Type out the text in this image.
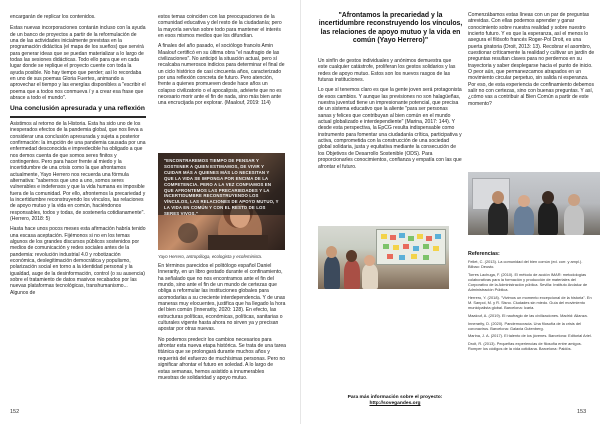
encargarán de replicar los contenidos.

Estas nuevas incorporaciones contarán incluso con la ayuda de un banco de proyectos a partir de la reformulación de una de las actividades inicialmente previstas en la programación didáctica (el mapa de los sueños) que servirá para generar ideas que se puedan materializar a lo largo de todas las sesiones didácticas. Todo ello para que en cada lugar donde se replique el proyecto cuente con toda la ayuda posible. No hay tiempo que perder; así lo recordaba en uno de sus poemas Gloria Fuertes, animando a aprovechar el tiempo y las energías disponibles a "escribir el poema que a todos nos conmueva / y a crear esa frase que abrace a todo el mundo".

Una conclusión apresurada y una reflexión

Asistimos al retorno de la Historia. Esta ha sido uno de los inesperados efectos de la pandemia global, que nos lleva a considerar una conclusión apresurada y sujeta a posterior confirmación: la irrupción de una pandemia causada por una enfermedad desconocida e impredecible ha obligado a que nos demos cuenta de que somos seres finitos y contingentes. Pero para hacer frente al miedo y la incertidumbre de una crisis como la que afrontamos actualmente, Yayo Herrero nos recuerda una fórmula alternativa: "sabernos que uno a uno, somos seres vulnerables e indefensos y que la vida humana es imposible fuera de la comunidad. Por ello, afrontemos la precariedad y la incertidumbre reconstruyendo los vínculos, las relaciones de apoyo mutuo y la vida en común, haciéndonos responsables, todos y todas, de sostenerla cotidianamente". (Herrero, 2018: 5)

Hasta hace unos pocos meses esta afirmación habría tenido una escasa aceptación. Fijémonos si no en los temas algunos de los grandes discursos públicos sostenidos por medios de comunicación y redes sociales antes de la pandemia: revolución industrial 4.0 y robotización económica, deslegitimación democrática y populismo, polarización social en torno a la identidad personal y la igualdad, auge de la desinformación, control (o su ausencia) sobre el tratamiento de datos masivos recabados por las nuevas plataformas tecnológicas, transhumanismo... Algunos de

estos temas coinciden con las preocupaciones de la comunidad educativa y del resto de la ciudadanía; pero la mayoría servían sobre todo para mantener el interés en esos mismos medios que los difundían.

A finales del año pasado, el sociólogo francés Amin Maalouf certificó en su última obra "el naufragio de las civilizaciones". No anticipó la situación actual, pero sí recalcaba numerosos indicios para determinar el final de un ciclo histórico de casi cincuenta años, caracterizado por una reflexión concreta de futuro. Pero atención, frente a quienes promueven desde hace años un colapso civilizatorio o el apocalipsis, advierte que no es necesario morir ante el fin de nada, sino más bien ante una encrucijada por explorar. (Maalouf, 2019: 114)

"ENCONTRAREMOS TIEMPO DE PENSAR Y SOSTENER A QUIEN ESTIMAMOS, DE VIVIR Y CUIDAR MÁS A QUIENES MÁS LO NECESITAN Y QUE LA VIDA SE IMPONGA POR ENCIMA DE LA COMPETENCIA. PERO A LA VEZ CONFIAMOS EN QUE AFRONTEMOS LAS PRECARIEDADES Y LA INCERTIDUMBRE RECONSTRUYENDO LOS VÍNCULOS, LAS RELACIONES DE APOYO MUTUO, Y LA VIDA EN COMÚN Y CON EL RESTO DE LOS SERES VIVOS."
Yayo Herrero, antropóloga, ecologista y ecofeminista.

En términos parecidos el politólogo español Daniel Innerarity, en un libro gestado durante el confinamiento, ha señalado que no nos encontramos ante el fin del mundo, sino ante el fin de un mundo de certezas que obliga a reformular las instituciones globales para acomodarlas a su creciente interdependencia. Y de unas maneras muy elocuentes, justifica que ha llegado la hora del bien común (Innerarity, 2020: 128). En efecto, las estructuras políticas, económicas, políticas, sanitarias o culturales vigente hasta ahora no sirven ya y precisan apostar por otras nuevas.

No podemos predecir los cambios necesarios para afrontar esta nueva etapa histórica. Se trata de una tarea titánica que se prolongará durante muchos años y requerirá del esfuerzo de muchísimas personas. Pero no significar afrontar el futuro en soledad. A lo largo de estas semanas, hemos asistido a innumerables muestras de solidaridad y apoyo mutuo.

152	153
"Afrontamos la precariedad y la incertidumbre reconstruyendo los vínculos, las relaciones de apoyo mutuo y la vida en común (Yayo Herrero)"

Un sinfín de gestos individuales y anónimos demuestra que este cualquier catástrofe, proliferan los gestos solidarios y las redes de apoyo mutuo. Estos son los nuevos rasgos de las futuras instituciones.

Lo que sí tenemos claro es que la gente joven será protagonista de esos cambios. Y aunque las previsiones no son halagüeñas, nuestra juventud tiene un impresionante potencial, que precisa de un sistema educativo que la aliente "para ser personas sanas y felices que contribuyan al bien común en el mundo actual globalizado e interdependiente" (Marina, 2017: 144). Y desde esta perspectiva, la EpCG resulta indispensable como instrumento para fomentar una ciudadanía crítica, participativa y activa, comprometida con la construcción de una sociedad global solidaria, justa y equitativa mediante la consecución de los Objetivos de Desarrollo Sostenible (ODS). Para proporcionarles conocimientos, confianza y empatía con las que afrontar el futuro.

Comenzábamos estas líneas con un par de preguntas atrevidas. Con ellas podemos aprender y ganar conocimiento sobre nuestra realidad y sobre nuestro incierto futuro. Y es que la esperanza, así el menos lo asegura el filósofo francés Roger-Pol Droit, es una puerta giratoria (Droit, 2013: 13). Recobrar el asombro, cuestionar críticamente la realidad y cultivar un jardín de preguntas resultan claves para no perdernos en su trayectoria y saber desplegarse hacia el punto de inicio. O peor aún, que permanezcamos atrapados en un movimiento circular perpetuo, sin salida ni esperanza. Por eso, de esta experiencia de confinamiento debemos salir no con certezas, sino con buenas preguntas. Y así, ¿cómo vas a contribuir al Bien Común a partir de este momento?

Referencias:

Fellet, C. (2013). La comunidad del bien común (ed. corr. y ampl.). Bilbao: Deusto.

Torres Lachuga, F. (2010). El método de acción IMAR: metodologías colaborativas para la formación y producción de materiales del Corporativo de la Administración pública. Sevilla: Instituto Andaluz de Administración Pública.

Herrero, Y. (2018). "Vivimos un momento excepcional de la historia". En M. Sanpol, M. y R. Sisno. Ciudades sin miedo. Guía del movimiento municipalista global. Barcelona: Icaria.

Maalouf, A. (2019). El naufragio de las civilizaciones. Madrid: Alianza.

Innerarity, D. (2020). Pandemocracia. Una filosofía de la crisis del coronavirus. Barcelona: Galaxia Gutenberg.

Marina, J. A. (2017). El talento de los jóvenes. Barcelona: Editorial Ariel.

Droit, R. (2013). Pequeñas experiencias de filosofía entre amigos. Romper los códigos de la vida cotidiana. Barcelona: Paidós.

Para más información sobre el proyecto:
http://sovegandes.org
